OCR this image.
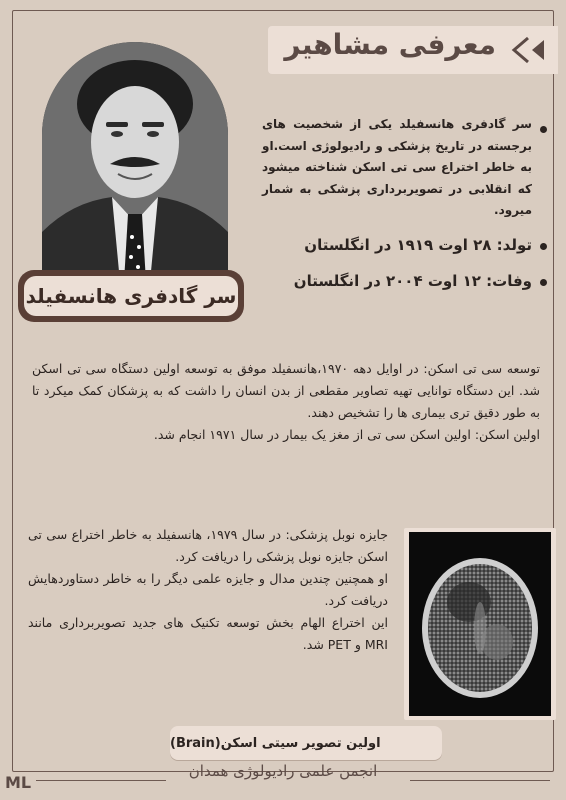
معرفی مشاهیر
سر گادفری هانسفیلد
سر گادفری هانسفیلد یکی از شخصیت های برجسته در تاریخ پزشکی و رادیولوژی است.او به خاطر اختراع سی تی اسکن شناخته میشود که انقلابی در تصویربرداری پزشکی به شمار میرود.
تولد: ۲۸ اوت ۱۹۱۹ در انگلستان
وفات: ۱۲ اوت ۲۰۰۴ در انگلستان
توسعه سی تی اسکن: در اوایل دهه ۱۹۷۰،هانسفیلد موفق به توسعه اولین دستگاه سی تی اسکن شد. این دستگاه توانایی تهیه تصاویر مقطعی از بدن انسان را داشت که به پزشکان کمک میکرد تا به طور دقیق تری بیماری ها را تشخیص دهند.
اولین اسکن: اولین اسکن سی تی از مغز یک بیمار در سال ۱۹۷۱ انجام شد.
جایزه نوبل پزشکی: در سال ۱۹۷۹، هانسفیلد به خاطر اختراع سی تی اسکن جایزه نوبل پزشکی را دریافت کرد.
او همچنین چندین مدال و جایزه علمی دیگر را به خاطر دستاوردهایش دریافت کرد.
این اختراع الهام بخش توسعه تکنیک های جدید تصویربرداری مانند MRI و PET شد.
اولین تصویر سیتی اسکن(Brain)
انجمن علمی رادیولوژی همدان
ML
